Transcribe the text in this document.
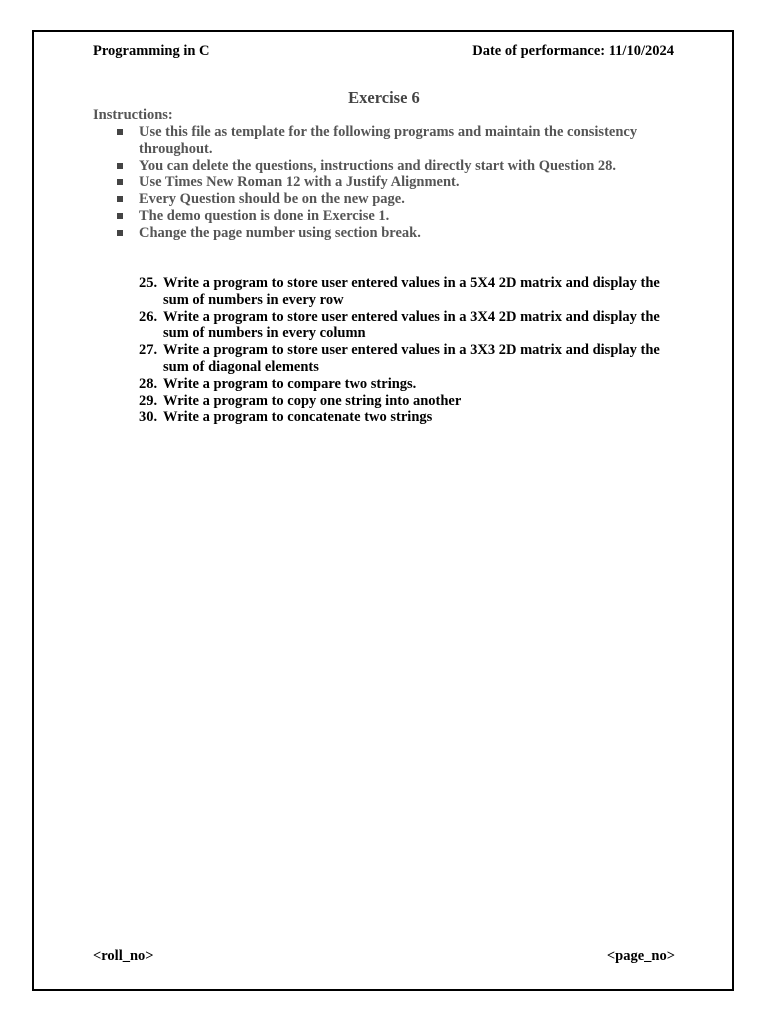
Programming in C	Date of performance: 11/10/2024
Exercise 6
Instructions:
Use this file as template for the following programs and maintain the consistency throughout.
You can delete the questions, instructions and directly start with Question 28.
Use Times New Roman 12 with a Justify Alignment.
Every Question should be on the new page.
The demo question is done in Exercise 1.
Change the page number using section break.
25. Write a program to store user entered values in a 5X4 2D matrix and display the sum of numbers in every row
26. Write a program to store user entered values in a 3X4 2D matrix and display the sum of numbers in every column
27. Write a program to store user entered values in a 3X3 2D matrix and display the sum of diagonal elements
28. Write a program to compare two strings.
29. Write a program to copy one string into another
30. Write a program to concatenate two strings
<roll_no>	<page_no>
